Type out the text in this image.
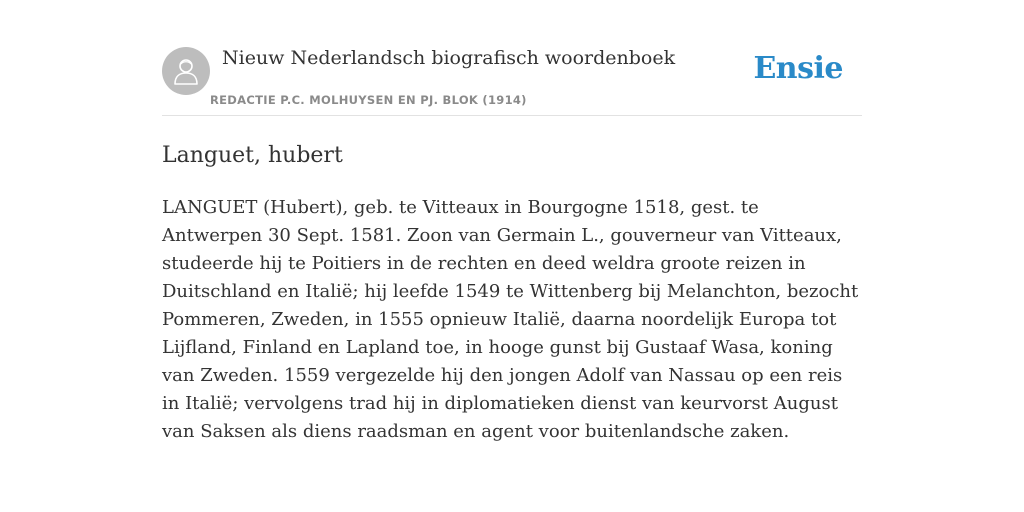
Nieuw Nederlandsch biografisch woordenboek
REDACTIE P.C. MOLHUYSEN EN PJ. BLOK (1914)
Ensie
Languet, hubert

LANGUET (Hubert), geb. te Vitteaux in Bourgogne 1518, gest. te Antwerpen 30 Sept. 1581. Zoon van Germain L., gouverneur van Vitteaux, studeerde hij te Poitiers in de rechten en deed weldra groote reizen in Duitschland en Italië; hij leefde 1549 te Wittenberg bij Melanchton, bezocht Pommeren, Zweden, in 1555 opnieuw Italië, daarna noordelijk Europa tot Lijfland, Finland en Lapland toe, in hooge gunst bij Gustaaf Wasa, koning van Zweden. 1559 vergezelde hij den jongen Adolf van Nassau op een reis in Italië; vervolgens trad hij in diplomatieken dienst van keurvorst August van Saksen als diens raadsman en agent voor buitenlandsche zaken.
